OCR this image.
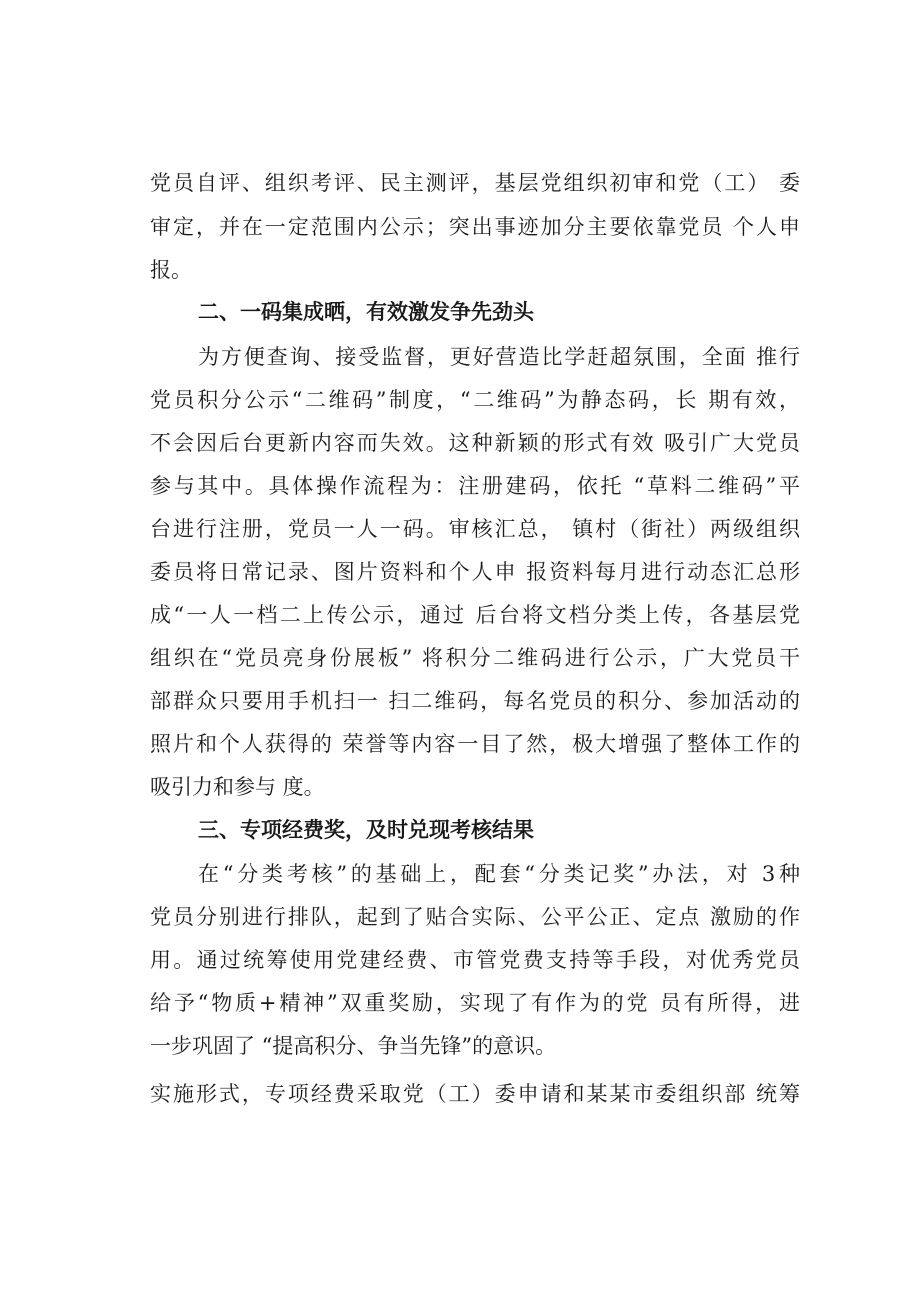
党员自评、组织考评、民主测评，基层党组织初审和党（工） 委
审定，并在一定范围内公示；突出事迹加分主要依靠党员 个人申
报。
二、一码集成晒，有效激发争先劲头
为方便查询、接受监督，更好营造比学赶超氛围，全面 推行
党员积分公示“二维码”制度，“二维码”为静态码，长 期有效，
不会因后台更新内容而失效。这种新颖的形式有效 吸引广大党员
参与其中。具体操作流程为：注册建码，依托 “草料二维码”平
台进行注册，党员一人一码。审核汇总， 镇村（街社）两级组织
委员将日常记录、图片资料和个人申 报资料每月进行动态汇总形
成“一人一档二上传公示，通过 后台将文档分类上传，各基层党
组织在“党员亮身份展板” 将积分二维码进行公示，广大党员干
部群众只要用手机扫一 扫二维码，每名党员的积分、参加活动的
照片和个人获得的 荣誉等内容一目了然，极大增强了整体工作的
吸引力和参与 度。
三、专项经费奖，及时兑现考核结果
在“分类考核”的基础上，配套“分类记奖”办法，对 3种
党员分别进行排队，起到了贴合实际、公平公正、定点 激励的作
用。通过统筹使用党建经费、市管党费支持等手段，对优秀党员
给予“物质+精神”双重奖励，实现了有作为的党 员有所得，进
一步巩固了 “提高积分、争当先锋”的意识。
实施形式，专项经费采取党（工）委申请和某某市委组织部 统筹
